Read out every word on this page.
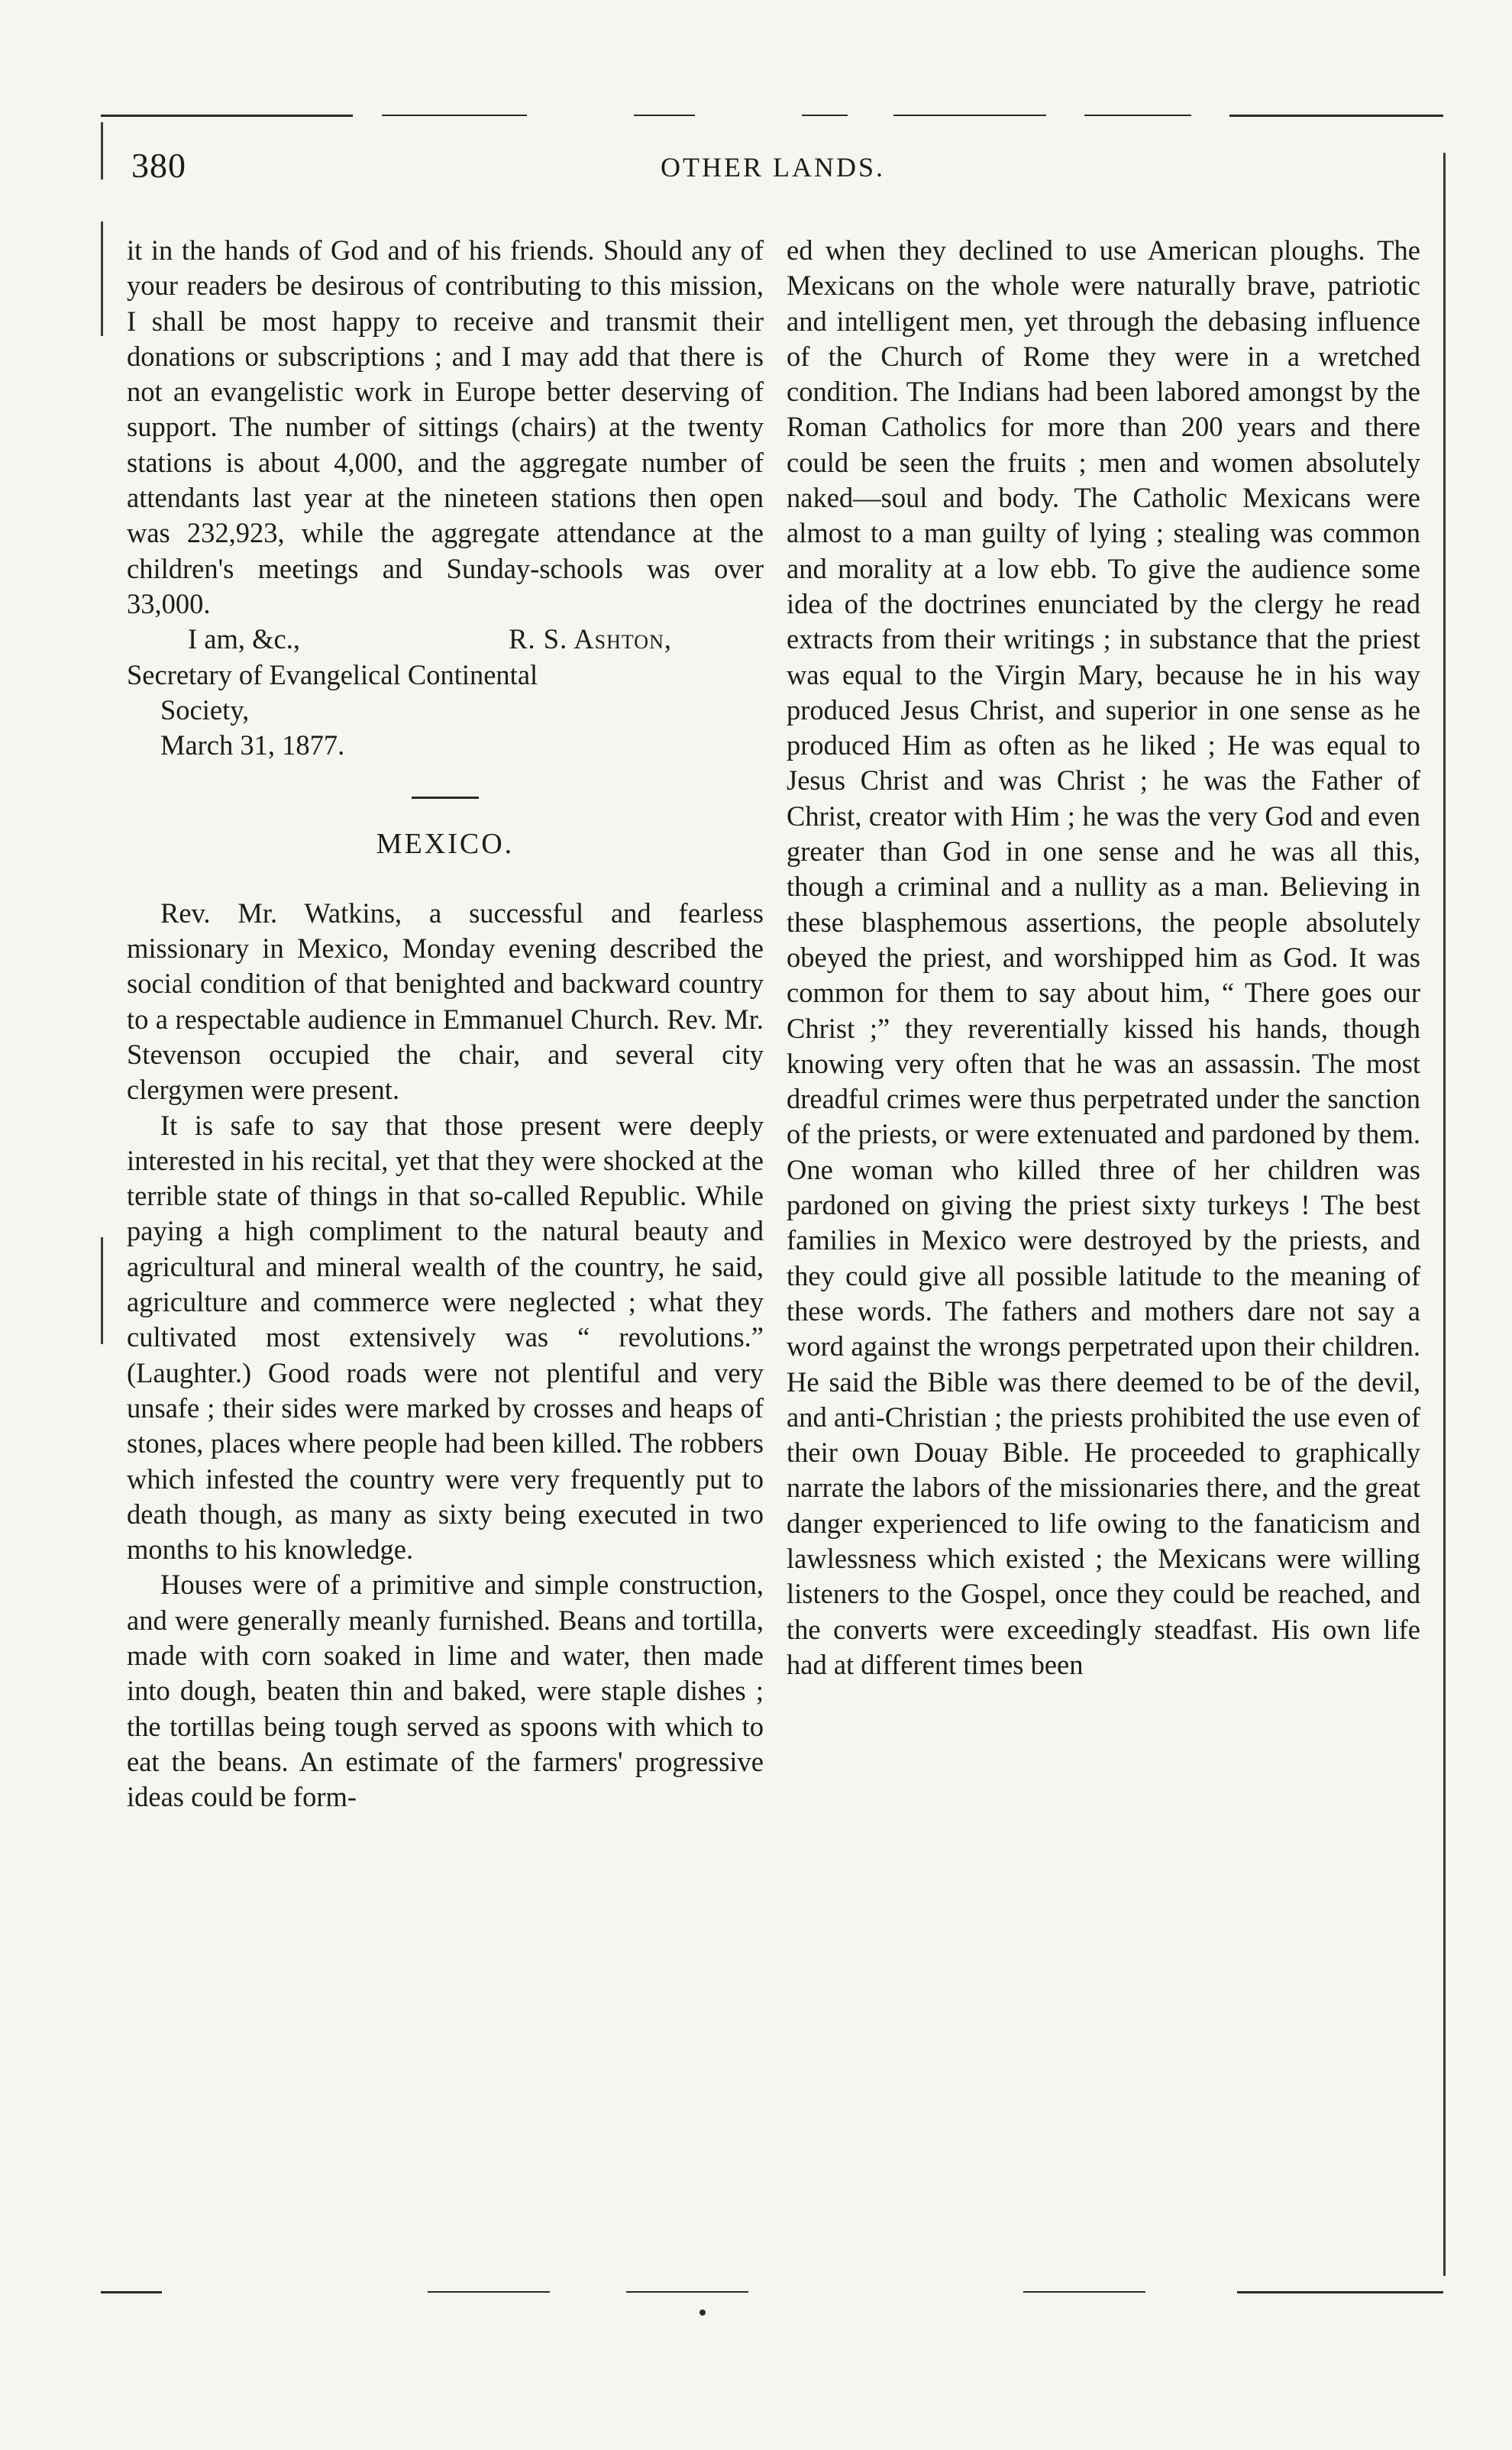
380	OTHER LANDS.

it in the hands of God and of his friends. Should any of your readers be desirous of contributing to this mission, I shall be most happy to receive and transmit their donations or subscriptions ; and I may add that there is not an evangelistic work in Europe better deserving of support. The number of sittings (chairs) at the twenty stations is about 4,000, and the aggregate number of attendants last year at the nineteen stations then open was 232,923, while the aggregate attendance at the children's meetings and Sunday-schools was over 33,000.

I am, &c.,	R. S. Ashton,
Secretary of Evangelical Continental
Society,
March 31, 1877.
MEXICO.

Rev. Mr. Watkins, a successful and fearless missionary in Mexico, Monday evening described the social condition of that benighted and backward country to a respectable audience in Emmanuel Church. Rev. Mr. Stevenson occupied the chair, and several city clergymen were present.

It is safe to say that those present were deeply interested in his recital, yet that they were shocked at the terrible state of things in that so-called Republic. While paying a high compliment to the natural beauty and agricultural and mineral wealth of the country, he said, agriculture and commerce were neglected ; what they cultivated most extensively was “ revolutions.” (Laughter.) Good roads were not plentiful and very unsafe ; their sides were marked by crosses and heaps of stones, places where people had been killed. The robbers which infested the country were very frequently put to death though, as many as sixty being executed in two months to his knowledge.

Houses were of a primitive and simple construction, and were generally meanly furnished. Beans and tortilla, made with corn soaked in lime and water, then made into dough, beaten thin and baked, were staple dishes ; the tortillas being tough served as spoons with which to eat the beans. An estimate of the farmers' progressive ideas could be form-

ed when they declined to use American ploughs. The Mexicans on the whole were naturally brave, patriotic and intelligent men, yet through the debasing influence of the Church of Rome they were in a wretched condition. The Indians had been labored amongst by the Roman Catholics for more than 200 years and there could be seen the fruits ; men and women absolutely naked—soul and body. The Catholic Mexicans were almost to a man guilty of lying ; stealing was common and morality at a low ebb. To give the audience some idea of the doctrines enunciated by the clergy he read extracts from their writings ; in substance that the priest was equal to the Virgin Mary, because he in his way produced Jesus Christ, and superior in one sense as he produced Him as often as he liked ; He was equal to Jesus Christ and was Christ ; he was the Father of Christ, creator with Him ; he was the very God and even greater than God in one sense and he was all this, though a criminal and a nullity as a man. Believing in these blasphemous assertions, the people absolutely obeyed the priest, and worshipped him as God. It was common for them to say about him, “ There goes our Christ ;” they reverentially kissed his hands, though knowing very often that he was an assassin. The most dreadful crimes were thus perpetrated under the sanction of the priests, or were extenuated and pardoned by them. One woman who killed three of her children was pardoned on giving the priest sixty turkeys ! The best families in Mexico were destroyed by the priests, and they could give all possible latitude to the meaning of these words. The fathers and mothers dare not say a word against the wrongs perpetrated upon their children. He said the Bible was there deemed to be of the devil, and anti-Christian ; the priests prohibited the use even of their own Douay Bible. He proceeded to graphically narrate the labors of the missionaries there, and the great danger experienced to life owing to the fanaticism and lawlessness which existed ; the Mexicans were willing listeners to the Gospel, once they could be reached, and the converts were exceedingly steadfast. His own life had at different times been
